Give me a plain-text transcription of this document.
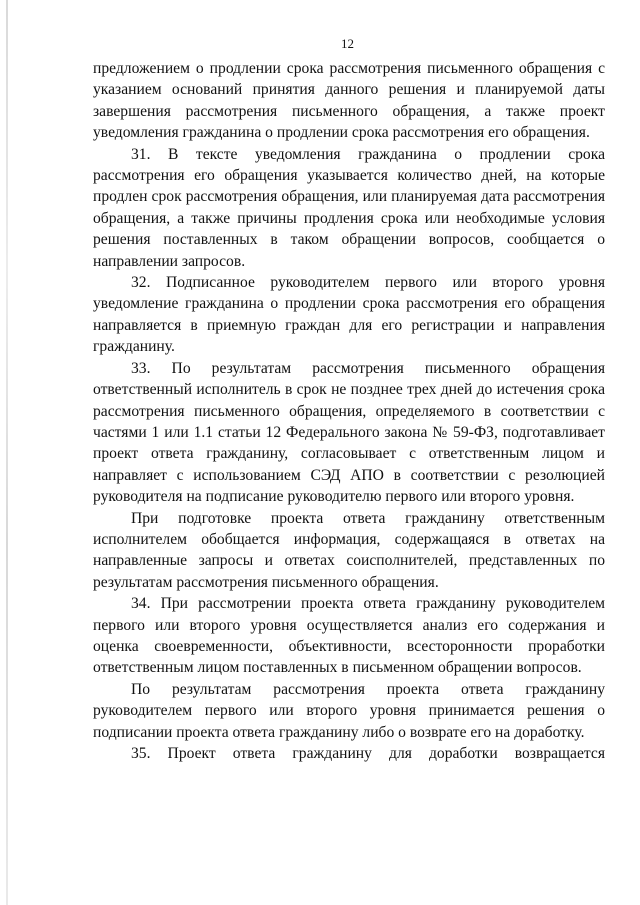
12

предложением о продлении срока рассмотрения письменного обращения с указанием оснований принятия данного решения и планируемой даты завершения рассмотрения письменного обращения, а также проект уведомления гражданина о продлении срока рассмотрения его обращения.

31. В тексте уведомления гражданина о продлении срока рассмотрения его обращения указывается количество дней, на которые продлен срок рассмотрения обращения, или планируемая дата рассмотрения обращения, а также причины продления срока или необходимые условия решения поставленных в таком обращении вопросов, сообщается о направлении запросов.

32. Подписанное руководителем первого или второго уровня уведомление гражданина о продлении срока рассмотрения его обращения направляется в приемную граждан для его регистрации и направления гражданину.

33. По результатам рассмотрения письменного обращения ответственный исполнитель в срок не позднее трех дней до истечения срока рассмотрения письменного обращения, определяемого в соответствии с частями 1 или 1.1 статьи 12 Федерального закона № 59-ФЗ, подготавливает проект ответа гражданину, согласовывает с ответственным лицом и направляет с использованием СЭД АПО в соответствии с резолюцией руководителя на подписание руководителю первого или второго уровня.

При подготовке проекта ответа гражданину ответственным исполнителем обобщается информация, содержащаяся в ответах на направленные запросы и ответах соисполнителей, представленных по результатам рассмотрения письменного обращения.

34. При рассмотрении проекта ответа гражданину руководителем первого или второго уровня осуществляется анализ его содержания и оценка своевременности, объективности, всесторонности проработки ответственным лицом поставленных в письменном обращении вопросов.

По результатам рассмотрения проекта ответа гражданину руководителем первого или второго уровня принимается решения о подписании проекта ответа гражданину либо о возврате его на доработку.

35. Проект ответа гражданину для доработки возвращается
